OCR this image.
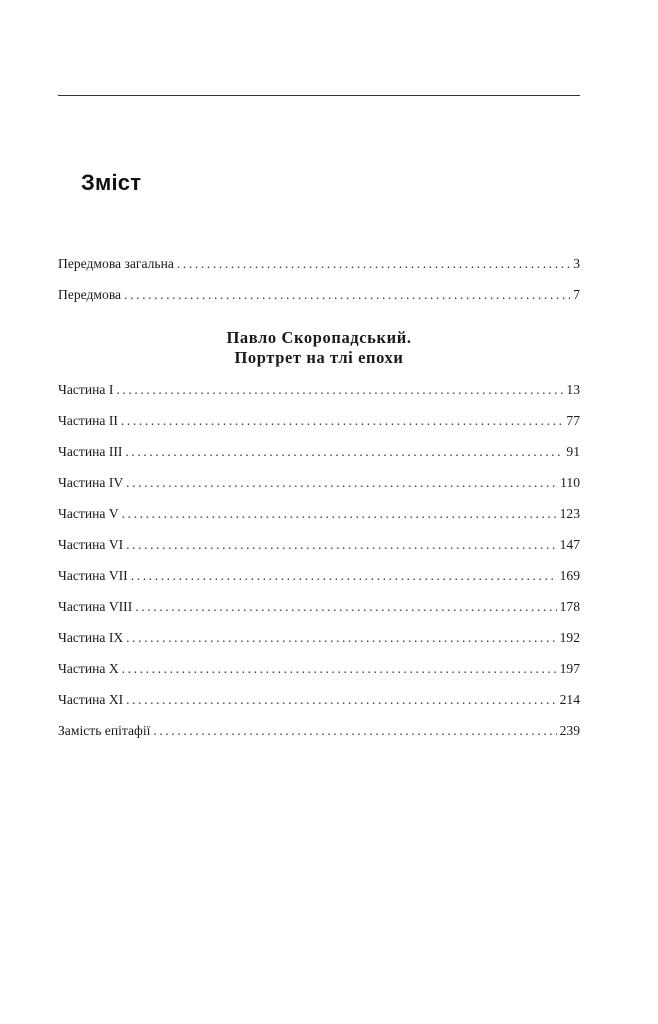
Зміст
Передмова загальна . . .	3
Передмова . . .	7
Павло Скоропадський.
Портрет на тлі епохи
Частина I . . .	13
Частина II . . .	77
Частина III . . .	91
Частина IV . . .	110
Частина V . . .	123
Частина VI . . .	147
Частина VII . . .	169
Частина VIII . . .	178
Частина IX . . .	192
Частина X . . .	197
Частина XI . . .	214
Замість епітафії . . .	239
